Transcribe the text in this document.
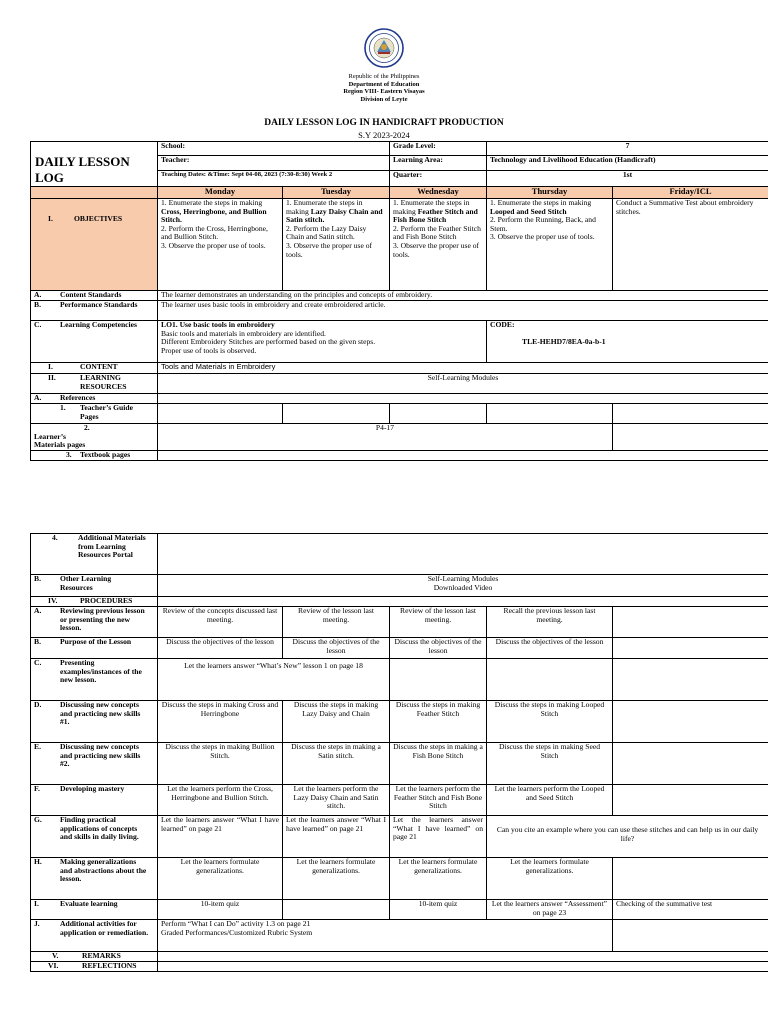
Republic of the Philippines
Department of Education
Region VIII- Eastern Visayas
Division of Leyte
DAILY LESSON LOG IN HANDICRAFT PRODUCTION
S.Y 2023-2024
DAILY LESSON LOG	School:		Grade Level:	7	
	Teacher:		Learning Area:	Technology and Livelihood Education (Handicraft)	
	Teaching Dates: &Time: Sept 04-08, 2023 (7:30-8:30) Week 2		Quarter:	1st	
	Monday	Tuesday	Wednesday	Thursday	Friday/ICL
I. OBJECTIVES	1. Enumerate the steps in making Cross, Herringbone, and Bullion Stitch.
2. Perform the Cross, Herringbone, and Bullion Stitch.
3. Observe the proper use of tools.	1. Enumerate the steps in making Lazy Daisy Chain and Satin stitch.
2. Perform the Lazy Daisy Chain and Satin stitch.
3. Observe the proper use of tools.	1. Enumerate the steps in making Feather Stitch and Fish Bone Stitch
2. Perform the Feather Stitch and Fish Bone Stitch
3. Observe the proper use of tools.	1. Enumerate the steps in making Looped and Seed Stitch
2. Perform the Running, Back, and Stem.
3. Observe the proper use of tools.	Conduct a Summative Test about embroidery stitches.
A. Content Standards	The learner demonstrates an understanding on the principles and concepts of embroidery.				
B. Performance Standards	The learner uses basic tools in embroidery and create embroidered article.				
C. Learning Competencies	LO1. Use basic tools in embroidery
Basic tools and materials in embroidery are identified.
Different Embroidery Stitches are performed based on the given steps.
Proper use of tools is observed.			CODE:

TLE-HEHD7/8EA-0a-b-1	
I. CONTENT	Tools and Materials in Embroidery				
II. LEARNING RESOURCES	Self-Learning Modules				
A. References					
1. Teacher’s Guide Pages					
2.Learner’s Materials pages	P4-17				
3. Textbook pages					
4. Additional Materials from Learning Resources Portal					
B. Other Learning Resources	Self-Learning Modules
Downloaded Video				
IV. PROCEDURES					
A. Reviewing previous lesson or presenting the new lesson.	Review of the concepts discussed last meeting.	Review of the lesson last meeting.	Review of the lesson last meeting.	Recall the previous lesson last meeting.	
B. Purpose of the Lesson	Discuss the objectives of the lesson	Discuss the objectives of the lesson	Discuss the objectives of the lesson	Discuss the objectives of the lesson	
C. Presenting examples/instances of the new lesson.	Let the learners answer “What’s New” lesson 1 on page 18				
D. Discussing new concepts and practicing new skills #1.	Discuss the steps in making Cross and Herringbone	Discuss the steps in making Lazy Daisy and Chain	Discuss the steps in making Feather Stitch	Discuss the steps in making Looped Stitch	
E. Discussing new concepts and practicing new skills #2.	Discuss the steps in making Bullion Stitch.	Discuss the steps in making a Satin stitch.	Discuss the steps in making a Fish Bone Stitch	Discuss the steps in making Seed Stitch	
F. Developing mastery	Let the learners perform the Cross, Herringbone and Bullion Stitch.	Let the learners perform the Lazy Daisy Chain and Satin stitch.	Let the learners perform the Feather Stitch and Fish Bone Stitch	Let the learners perform the Looped and Seed Stitch	
G. Finding practical applications of concepts and skills in daily living.	Let the learners answer “What I have learned” on page 21	Let the learners answer “What I have learned” on page 21	Let the learners answer “What I have learned” on page 21	Can you cite an example where you can use these stitches and can help us in our daily life?	
H. Making generalizations and abstractions about the lesson.	Let the learners formulate generalizations.	Let the learners formulate generalizations.	Let the learners formulate generalizations.	Let the learners formulate generalizations.	
I. Evaluate learning	10-item quiz		10-item quiz	Let the learners answer “Assessment” on page 23	Checking of the summative test
J. Additional activities for application or remediation.	Perform “What I can Do” activity 1.3 on page 21
Graded Performances/Customized Rubric System				
V. REMARKS					
VI. REFLECTIONS					
